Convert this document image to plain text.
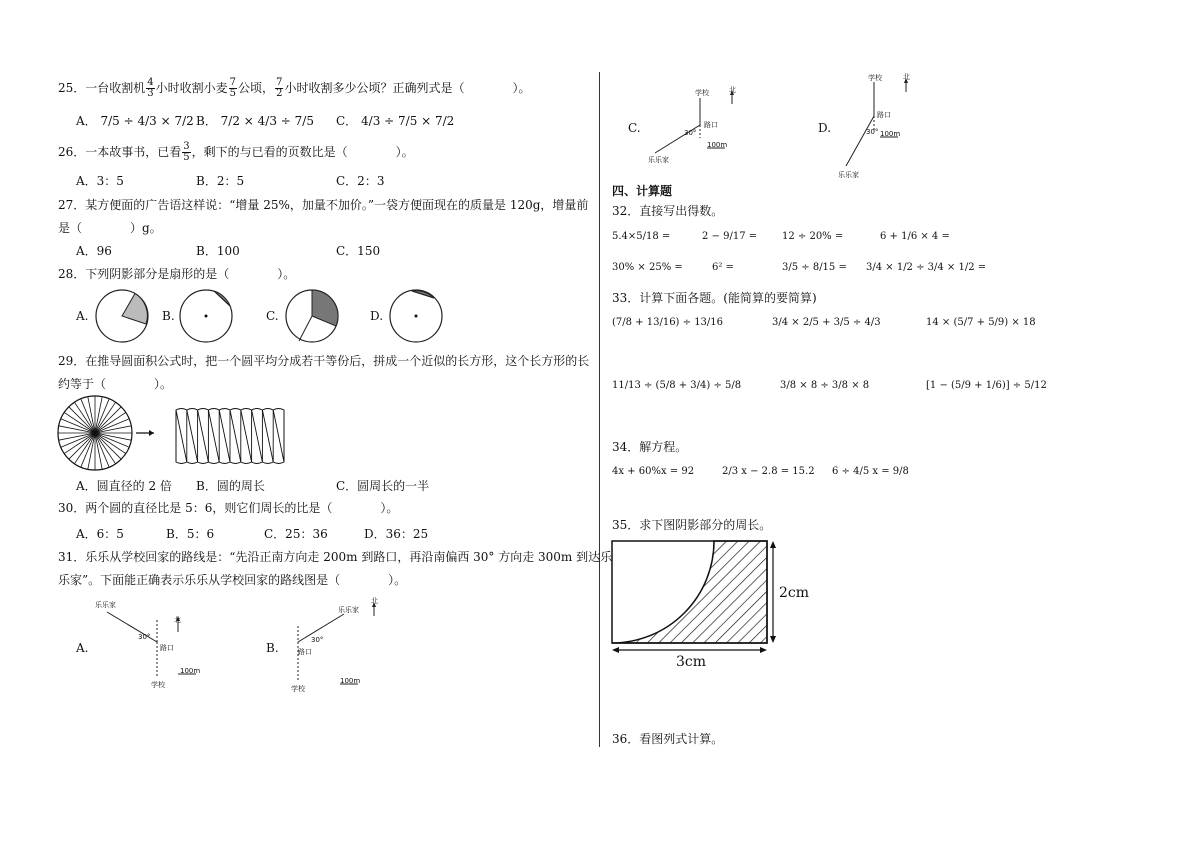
25．一台收割机 $\frac{4}{3}$ 小时收割小麦 $\frac{7}{5}$ 公顷， $\frac{7}{2}$ 小时收割多少公顷？正确列式是（　　　　）。
A． 7/5 ÷ 4/3 × 7/2 B． 7/2 × 4/3 ÷ 7/5 C． 4/3 ÷ 7/5 × 7/2
26．一本故事书，已看 $\frac{3}{5}$ ，剩下的与已看的页数比是（　　　　）。
A．3：5	B．2：5	C．2：3
27．某方便面的广告语这样说：“增量 25%，加量不加价。”一袋方便面现在的质量是 120g，增量前
是（　　　　）g。
A．96	B．100	C．150
28．下列阴影部分是扇形的是（　　　　）。
A.	B.	C.	D.
29．在推导圆面积公式时，把一个圆平均分成若干等份后，拼成一个近似的长方形，这个长方形的长
约等于（　　　　）。
A．圆直径的 2 倍 B．圆的周长	C．圆周长的一半
30．两个圆的直径比是 5：6，则它们周长的比是（　　　　）。
A．6：5	B．5：6	C．25：36	D．36：25
31．乐乐从学校回家的路线是：“先沿正南方向走 200m 到路口，再沿南偏西 30° 方向走 300m 到达乐
乐家”。下面能正确表示乐乐从学校回家的路线图是（　　　　）。
A.	B.
C.	D.
乐乐家
30°
路口
北
100m
学校
乐乐家
30°
路口
北
100m
学校
学校	北
路口
30°
100m
乐乐家
学校	北
路口
30° 100m
乐乐家
四、计算题
32．直接写出得数。
5.4×5/18 =	2 − 9/17 = 12 ÷ 20% =	6 + 1/6 × 4 =
30% × 25% =	6² =	3/5 ÷ 8/15 = 3/4 × 1/2 ÷ 3/4 × 1/2 =
33．计算下面各题。(能简算的要简算)
(7/8 + 13/16) ÷ 13/16	3/4 × 2/5 + 3/5 ÷ 4/3	14 × (5/7 + 5/9) × 18
11/13 ÷ (5/8 + 3/4) ÷ 5/8	3/8 × 8 ÷ 3/8 × 8	[1 − (5/9 + 1/6)] ÷ 5/12
34．解方程。
4x + 60%x = 92	2/3 x − 2.8 = 15.2 6 ÷ 4/5 x = 9/8
35．求下图阴影部分的周长。
2cm
3cm
36．看图列式计算。
